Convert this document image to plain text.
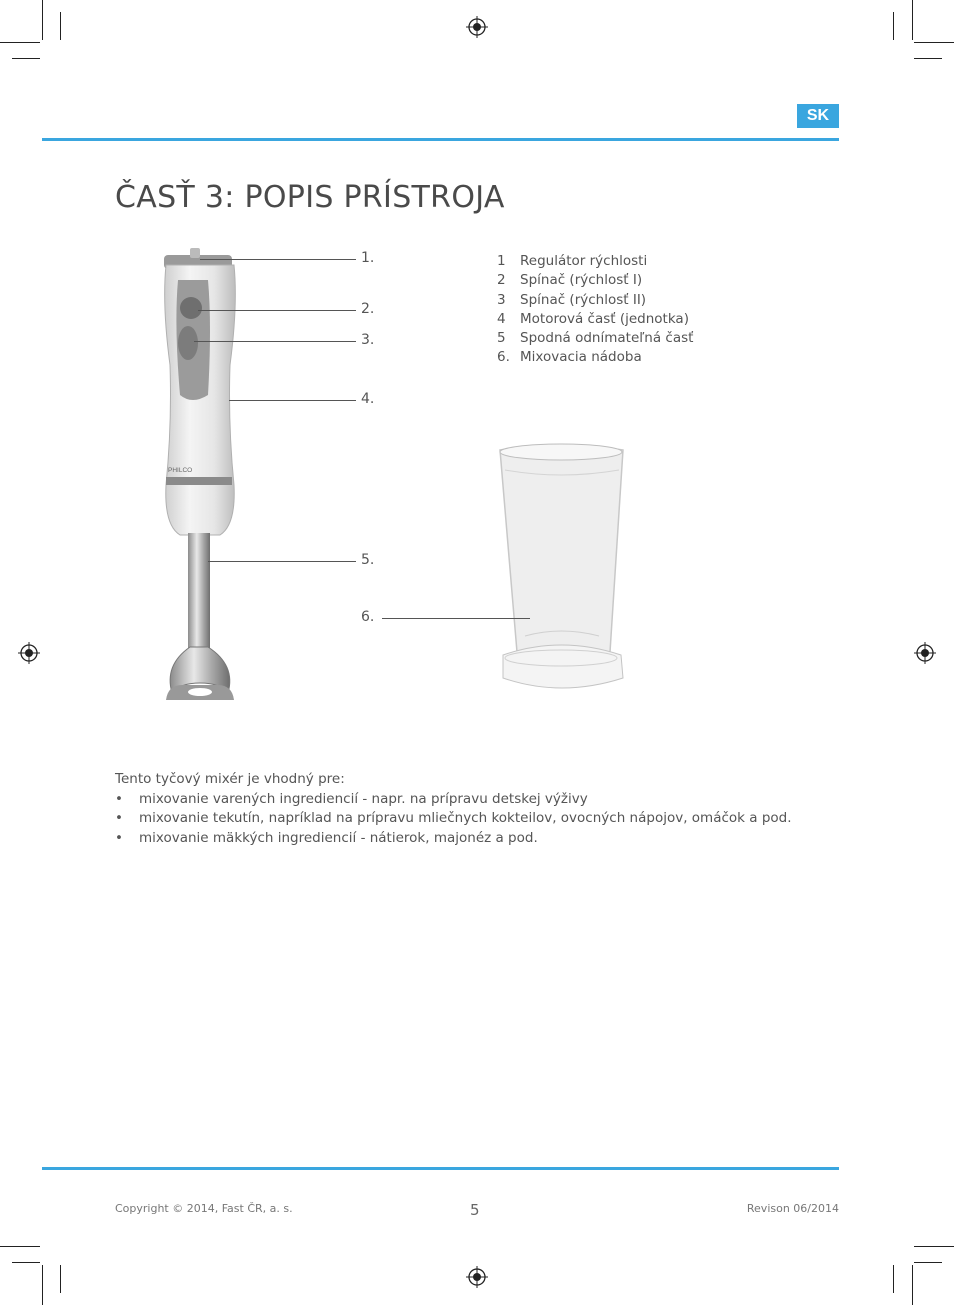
SK
ČASŤ 3: POPIS PRÍSTROJA
PHILCO
1.
2.
3.
4.
5.
6.
1	Regulátor rýchlosti
2	Spínač (rýchlosť I)
3	Spínač (rýchlosť II)
4	Motorová časť (jednotka)
5	Spodná odnímateľná časť
6. Mixovacia nádoba
Tento tyčový mixér je vhodný pre:
•	mixovanie varených ingrediencií - napr. na prípravu detskej výživy
•	mixovanie tekutín, napríklad na prípravu mliečnych kokteilov, ovocných nápojov, omáčok a pod.
•	mixovanie mäkkých ingrediencií - nátierok, majonéz a pod.
Copyright © 2014, Fast ČR, a. s.	5	Revison 06/2014
